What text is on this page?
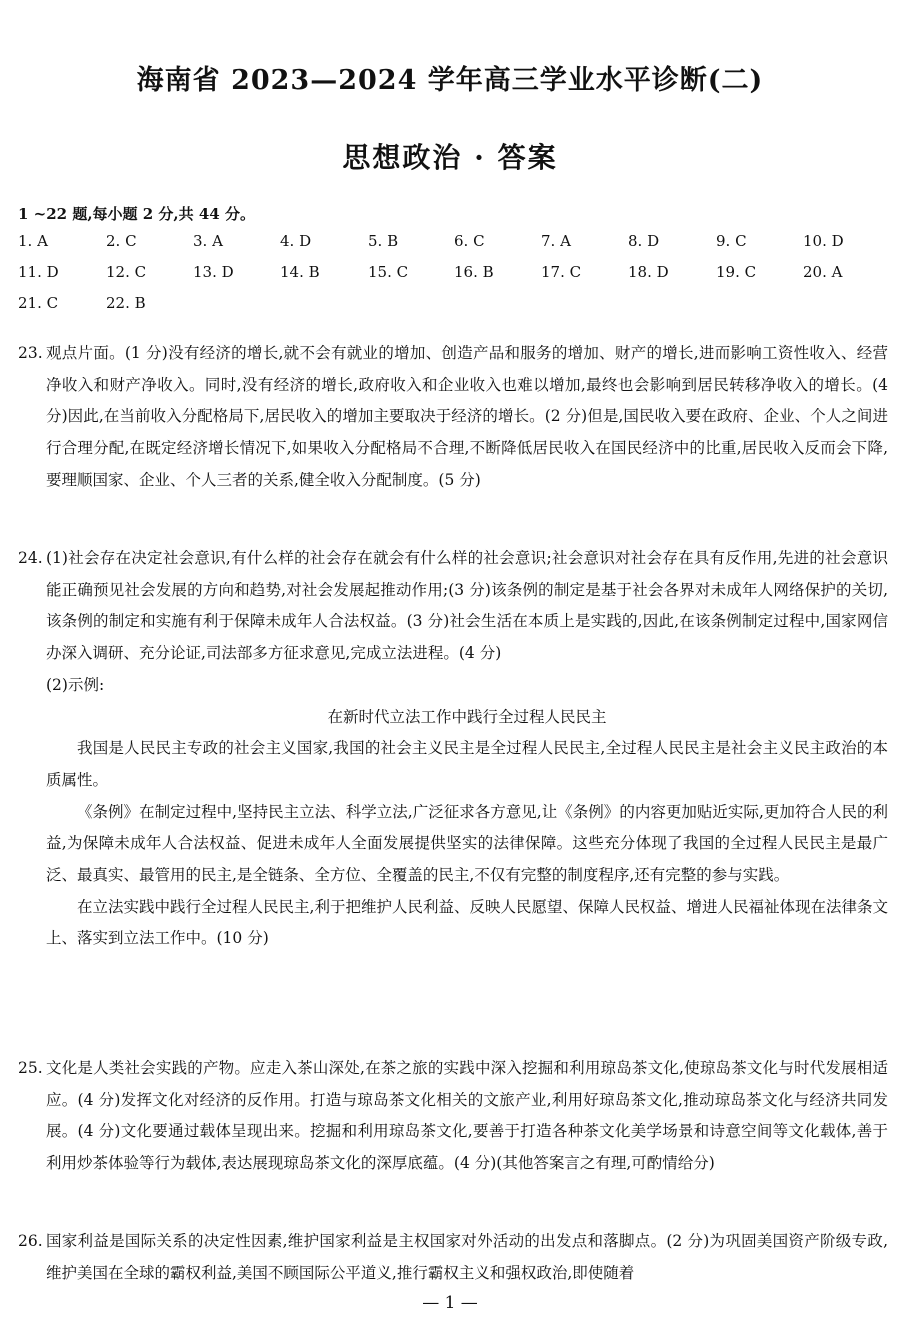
海南省 2023—2024 学年高三学业水平诊断(二)
思想政治 · 答案
1 ~22 题,每小题 2 分,共 44 分。
1. A	2. C	3. A	4. D	5. B	6. C	7. A	8. D	9. C	10. D
11. D	12. C	13. D	14. B	15. C	16. B	17. C	18. D	19. C	20. A
21. C	22. B
23. 观点片面。(1 分)没有经济的增长,就不会有就业的增加、创造产品和服务的增加、财产的增长,进而影响工资性收入、经营净收入和财产净收入。同时,没有经济的增长,政府收入和企业收入也难以增加,最终也会影响到居民转移净收入的增长。(4 分)因此,在当前收入分配格局下,居民收入的增加主要取决于经济的增长。(2 分)但是,国民收入要在政府、企业、个人之间进行合理分配,在既定经济增长情况下,如果收入分配格局不合理,不断降低居民收入在国民经济中的比重,居民收入反而会下降,要理顺国家、企业、个人三者的关系,健全收入分配制度。(5 分)
24. (1)社会存在决定社会意识,有什么样的社会存在就会有什么样的社会意识;社会意识对社会存在具有反作用,先进的社会意识能正确预见社会发展的方向和趋势,对社会发展起推动作用;(3 分)该条例的制定是基于社会各界对未成年人网络保护的关切,该条例的制定和实施有利于保障未成年人合法权益。(3 分)社会生活在本质上是实践的,因此,在该条例制定过程中,国家网信办深入调研、充分论证,司法部多方征求意见,完成立法进程。(4 分)
(2)示例:
在新时代立法工作中践行全过程人民民主
我国是人民民主专政的社会主义国家,我国的社会主义民主是全过程人民民主,全过程人民民主是社会主义民主政治的本质属性。
《条例》在制定过程中,坚持民主立法、科学立法,广泛征求各方意见,让《条例》的内容更加贴近实际,更加符合人民的利益,为保障未成年人合法权益、促进未成年人全面发展提供坚实的法律保障。这些充分体现了我国的全过程人民民主是最广泛、最真实、最管用的民主,是全链条、全方位、全覆盖的民主,不仅有完整的制度程序,还有完整的参与实践。
在立法实践中践行全过程人民民主,利于把维护人民利益、反映人民愿望、保障人民权益、增进人民福祉体现在法律条文上、落实到立法工作中。(10 分)
25. 文化是人类社会实践的产物。应走入茶山深处,在茶之旅的实践中深入挖掘和利用琼岛茶文化,使琼岛茶文化与时代发展相适应。(4 分)发挥文化对经济的反作用。打造与琼岛茶文化相关的文旅产业,利用好琼岛茶文化,推动琼岛茶文化与经济共同发展。(4 分)文化要通过载体呈现出来。挖掘和利用琼岛茶文化,要善于打造各种茶文化美学场景和诗意空间等文化载体,善于利用炒茶体验等行为载体,表达展现琼岛茶文化的深厚底蕴。(4 分)(其他答案言之有理,可酌情给分)
26. 国家利益是国际关系的决定性因素,维护国家利益是主权国家对外活动的出发点和落脚点。(2 分)为巩固美国资产阶级专政,维护美国在全球的霸权利益,美国不顾国际公平道义,推行霸权主义和强权政治,即使随着
— 1 —
